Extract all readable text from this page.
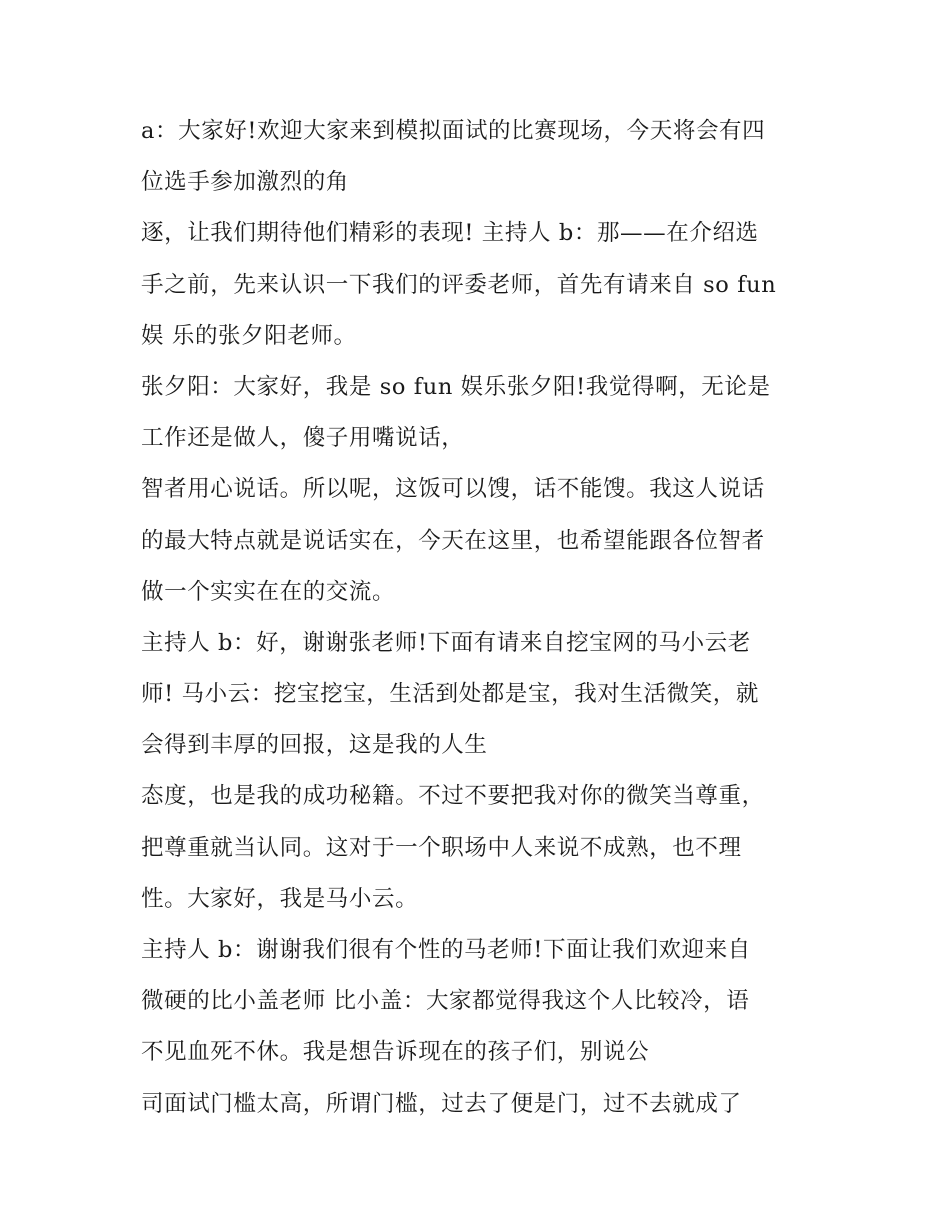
a：大家好!欢迎大家来到模拟面试的比赛现场，今天将会有四
位选手参加激烈的角
逐，让我们期待他们精彩的表现! 主持人 b：那——在介绍选
手之前，先来认识一下我们的评委老师，首先有请来自 so fun
娱 乐的张夕阳老师。
张夕阳：大家好，我是 so fun 娱乐张夕阳!我觉得啊，无论是
工作还是做人，傻子用嘴说话，
智者用心说话。所以呢，这饭可以馊，话不能馊。我这人说话
的最大特点就是说话实在，今天在这里，也希望能跟各位智者
做一个实实在在的交流。
主持人 b：好，谢谢张老师!下面有请来自挖宝网的马小云老
师! 马小云：挖宝挖宝，生活到处都是宝，我对生活微笑，就
会得到丰厚的回报，这是我的人生
态度，也是我的成功秘籍。不过不要把我对你的微笑当尊重，
把尊重就当认同。这对于一个职场中人来说不成熟，也不理
性。大家好，我是马小云。
主持人 b：谢谢我们很有个性的马老师!下面让我们欢迎来自
微硬的比小盖老师 比小盖：大家都觉得我这个人比较冷，语
不见血死不休。我是想告诉现在的孩子们，别说公
司面试门槛太高，所谓门槛，过去了便是门，过不去就成了
